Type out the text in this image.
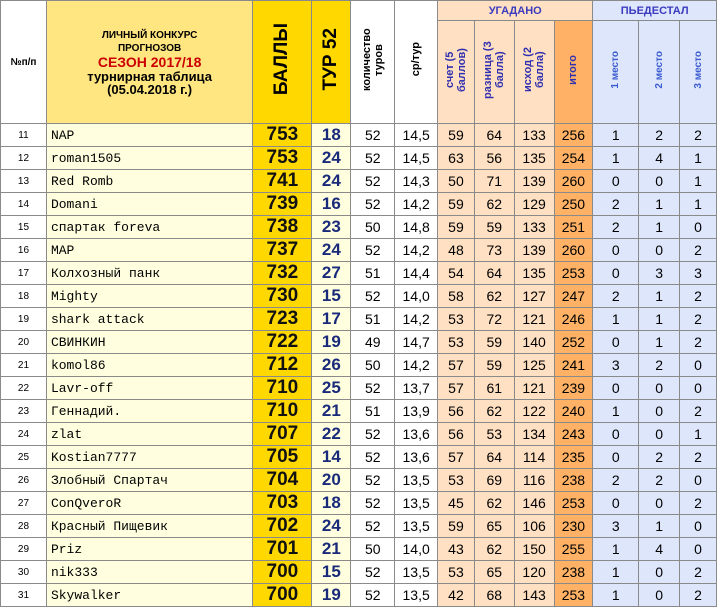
№п/п	ЛИЧНЫЙ КОНКУРС
ПРОГНОЗОВ
СЕЗОН 2017/18
турнирная таблица
(05.04.2018 г.)	БАЛЛЫ	ТУР 52	количество туров	ср/тур	УГАДАНО				ПЬЕДЕСТАЛ		
						счет (5 баллов)	разница (3 балла)	исход (2 балла)	итого	1 место	2 место	3 место
11	NAP	753	18	52	14,5	59	64	133	256	1	2	2
12	roman1505	753	24	52	14,5	63	56	135	254	1	4	1
13	Red Romb	741	24	52	14,3	50	71	139	260	0	0	1
14	Domani	739	16	52	14,2	59	62	129	250	2	1	1
15	спартак foreva	738	23	50	14,8	59	59	133	251	2	1	0
16	MAP	737	24	52	14,2	48	73	139	260	0	0	2
17	Колхозный панк	732	27	51	14,4	54	64	135	253	0	3	3
18	Mighty	730	15	52	14,0	58	62	127	247	2	1	2
19	shark attack	723	17	51	14,2	53	72	121	246	1	1	2
20	СВИНКИН	722	19	49	14,7	53	59	140	252	0	1	2
21	komol86	712	26	50	14,2	57	59	125	241	3	2	0
22	Lavr-off	710	25	52	13,7	57	61	121	239	0	0	0
23	Геннадий.	710	21	51	13,9	56	62	122	240	1	0	2
24	zlat	707	22	52	13,6	56	53	134	243	0	0	1
25	Kostian7777	705	14	52	13,6	57	64	114	235	0	2	2
26	Злобный Спартач	704	20	52	13,5	53	69	116	238	2	2	0
27	ConQveroR	703	18	52	13,5	45	62	146	253	0	0	2
28	Красный Пищевик	702	24	52	13,5	59	65	106	230	3	1	0
29	Priz	701	21	50	14,0	43	62	150	255	1	4	0
30	nik333	700	15	52	13,5	53	65	120	238	1	0	2
31	Skywalker	700	19	52	13,5	42	68	143	253	1	0	2
